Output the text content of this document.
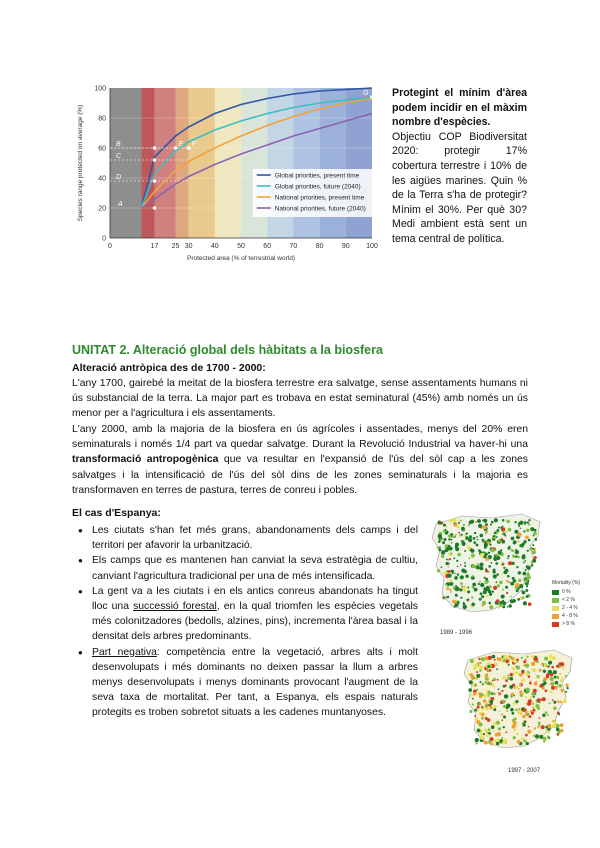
0
20
40
60
80
100
0	17 25 30	40	50	60	70	80	90 100
Species range protected on average (%)
Protected area (% of terrestrial world)
A
B
C
D
E F
G
Global priorities, present time
Global priorities, future (2040)
National priorities, present time
National priorities, future (2040)
Protegint el mínim d'àrea podem incidir en el màxim nombre d'espècies.

Objectiu COP Biodiversitat 2020: protegir 17% cobertura terrestre i 10% de les aigües marines. Quin % de la Terra s'ha de protegir? Mínim el 30%. Per què 30? Medi ambient està sent un tema central de política.

UNITAT 2. Alteració global dels hàbitats a la biosfera
Alteració antròpica des de 1700 - 2000:
L'any 1700, gairebé la meitat de la biosfera terrestre era salvatge, sense assentaments humans ni ús substancial de la terra. La major part es trobava en estat seminatural (45%) amb només un ús menor per a l'agricultura i els assentaments.
L'any 2000, amb la majoria de la biosfera en ús agrícoles i assentades, menys del 20% eren seminaturals i només 1/4 part va quedar salvatge. Durant la Revolució Industrial va haver-hi una transformació antropogènica que va resultar en l'expansió de l'ús del sòl cap a les zones salvatges i la intensificació de l'ús del sòl dins de les zones seminaturals i la majoria es transformaven en terres de pastura, terres de conreu i pobles.
El cas d'Espanya:
● Les ciutats s'han fet més grans, abandonaments dels camps i del territori per afavorir la urbanització.
● Els camps que es mantenen han canviat la seva estratègia de cultiu, canviant l'agricultura tradicional per una de més intensificada.
● La gent va a les ciutats i en els antics conreus abandonats ha tingut lloc una successió forestal, en la qual triomfen les espècies vegetals més colonitzadores (bedolls, alzines, pins), incrementa l'àrea basal i la densitat dels arbres predominants.
● Part negativa: competència entre la vegetació, arbres alts i molt desenvolupats i més dominants no deixen passar la llum a arbres menys desenvolupats i menys dominants provocant l'augment de la seva taxa de mortalitat. Per tant, a Espanya, els espais naturals protegits es troben sobretot situats a les cadenes muntanyoses.
1989 - 1996
Mortality (%)
0 %
< 2 %
2 - 4 %
4 - 8 %
> 8 %
1997 - 2007
